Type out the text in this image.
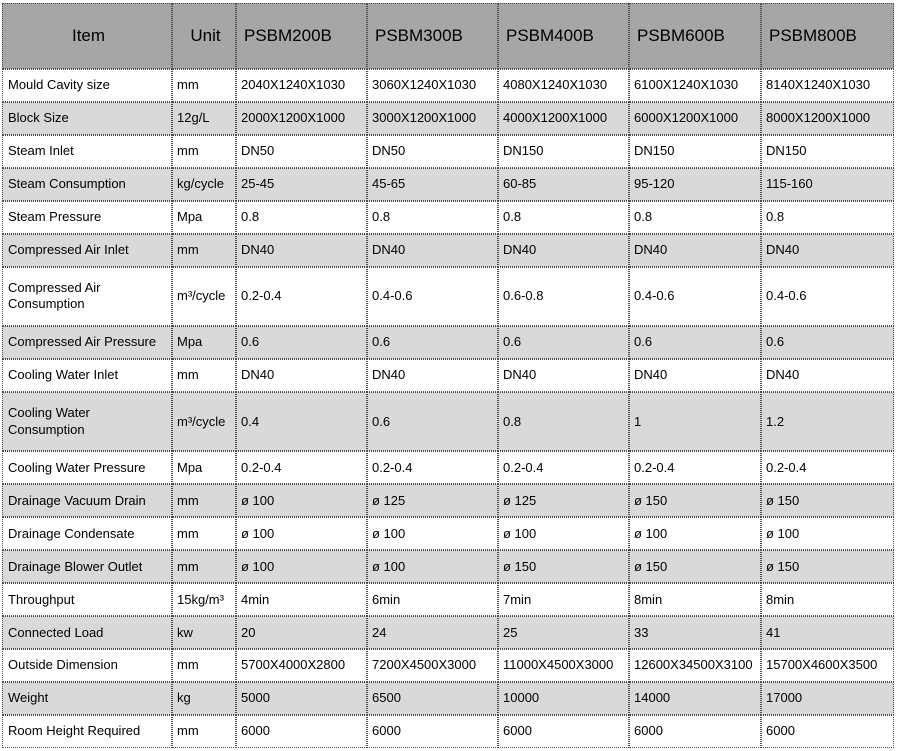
Item	Unit	PSBM200B	PSBM300B	PSBM400B	PSBM600B	PSBM800B
Mould Cavity size	mm	2040X1240X1030	3060X1240X1030	4080X1240X1030	6100X1240X1030	8140X1240X1030
Block Size	12g/L	2000X1200X1000	3000X1200X1000	4000X1200X1000	6000X1200X1000	8000X1200X1000
Steam Inlet	mm	DN50	DN50	DN150	DN150	DN150
Steam Consumption	kg/cycle	25-45	45-65	60-85	95-120	115-160
Steam Pressure	Mpa	0.8	0.8	0.8	0.8	0.8
Compressed Air Inlet	mm	DN40	DN40	DN40	DN40	DN40
Compressed Air Consumption	m³/cycle	0.2-0.4	0.4-0.6	0.6-0.8	0.4-0.6	0.4-0.6
Compressed Air Pressure	Mpa	0.6	0.6	0.6	0.6	0.6
Cooling Water Inlet	mm	DN40	DN40	DN40	DN40	DN40
Cooling Water Consumption	m³/cycle	0.4	0.6	0.8	1	1.2
Cooling Water Pressure	Mpa	0.2-0.4	0.2-0.4	0.2-0.4	0.2-0.4	0.2-0.4
Drainage Vacuum Drain	mm	ø 100	ø 125	ø 125	ø 150	ø 150
Drainage Condensate	mm	ø 100	ø 100	ø 100	ø 100	ø 100
Drainage Blower Outlet	mm	ø 100	ø 100	ø 150	ø 150	ø 150
Throughput	15kg/m³	4min	6min	7min	8min	8min
Connected Load	kw	20	24	25	33	41
Outside Dimension	mm	5700X4000X2800	7200X4500X3000	11000X4500X3000	12600X34500X3100	15700X4600X3500
Weight	kg	5000	6500	10000	14000	17000
Room Height Required	mm	6000	6000	6000	6000	6000
